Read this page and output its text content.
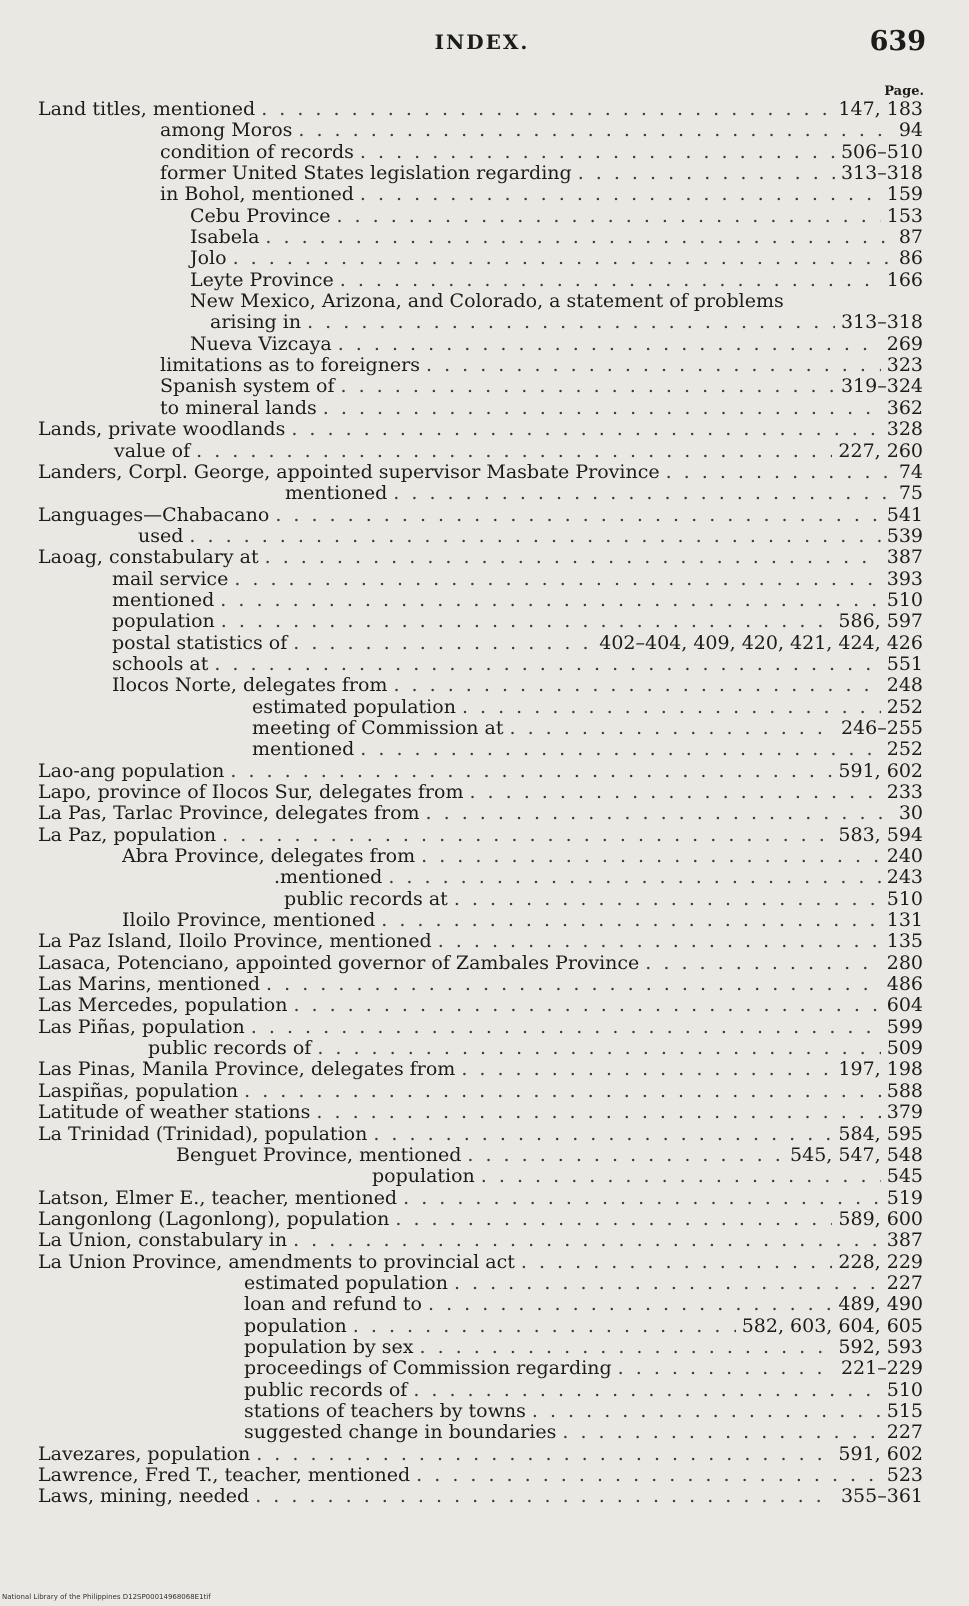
INDEX.	639
Page.
Land titles, mentioned . . .	147, 183
among Moros . . .	94
condition of records . . .	506–510
former United States legislation regarding . . .	313–318
in Bohol, mentioned . . .	159
Cebu Province . . .	153
Isabela . . .	87
Jolo . . .	86
Leyte Province . . .	166
New Mexico, Arizona, and Colorado, a statement of problems
arising in . . .	313–318
Nueva Vizcaya . . .	269
limitations as to foreigners . . .	323
Spanish system of . . .	319–324
to mineral lands . . .	362
Lands, private woodlands . . .	328
value of . . .	227, 260
Landers, Corpl. George, appointed supervisor Masbate Province . . .	74
mentioned . . .	75
Languages—Chabacano . . .	541
used . . .	539
Laoag, constabulary at . . .	387
mail service . . .	393
mentioned . . .	510
population . . .	586, 597
postal statistics of . . .	402–404, 409, 420, 421, 424, 426
schools at . . .	551
Ilocos Norte, delegates from . . .	248
estimated population . . .	252
meeting of Commission at . . .	246–255
mentioned . . .	252
Lao-ang population . . .	591, 602
Lapo, province of Ilocos Sur, delegates from . . .	233
La Pas, Tarlac Province, delegates from . . .	30
La Paz, population . . .	583, 594
Abra Province, delegates from . . .	240
.mentioned . . .	243
public records at . . .	510
Iloilo Province, mentioned . . .	131
La Paz Island, Iloilo Province, mentioned . . .	135
Lasaca, Potenciano, appointed governor of Zambales Province . . .	280
Las Marins, mentioned . . .	486
Las Mercedes, population . . .	604
Las Piñas, population . . .	599
public records of . . .	509
Las Pinas, Manila Province, delegates from . . .	197, 198
Laspiñas, population . . .	588
Latitude of weather stations . . .	379
La Trinidad (Trinidad), population . . .	584, 595
Benguet Province, mentioned . . .	545, 547, 548
population . . .	545
Latson, Elmer E., teacher, mentioned . . .	519
Langonlong (Lagonlong), population . . .	589, 600
La Union, constabulary in . . .	387
La Union Province, amendments to provincial act . . .	228, 229
estimated population . . .	227
loan and refund to . . .	489, 490
population . . .	582, 603, 604, 605
population by sex . . .	592, 593
proceedings of Commission regarding . . .	221–229
public records of . . .	510
stations of teachers by towns . . .	515
suggested change in boundaries . . .	227
Lavezares, population . . .	591, 602
Lawrence, Fred T., teacher, mentioned . . .	523
Laws, mining, needed . . .	355–361
National Library of the Philippines D12SP00014968068E1tif
